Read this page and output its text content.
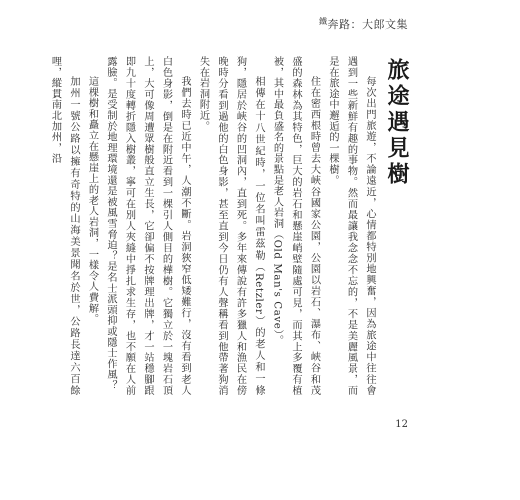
$^鐵$奔路：大郎文集
旅途遇見樹

每次出門旅遊，不論遠近，心情都特別地興奮，因為旅途中往往會遇到一些新鮮有趣的事物。然而最讓我念念不忘的，不是美麗風景，而是在旅途中邂逅的一棵樹。

住在密西根時曾去大峽谷國家公園，公園以岩石、瀑布、峽谷和茂盛的森林為其特色，巨大的岩石和懸崖峭壁隨處可見，而其上多覆有植被，其中最負盛名的景點是老人岩洞（Old Man's Cave）。

相傳在十八世紀時，一位名叫雷茲勒（Retzler）的老人和一條狗，隱居於峽谷的凹洞內，直到死。多年來傳說有許多獵人和漁民在傍晚時分看到過他的白色身影，甚至直到今日仍有人聲稱看到他帶著狗消失在岩洞附近。

我們去時已近中午，人潮不斷。岩洞狹窄低矮難行，沒有看到老人白色身影，倒是在附近看到一棵引人側目的樺樹。它獨立於一塊岩石頂上，大可像周遭眾樹般直立生長，它卻偏不按牌理出牌，才一站穩腳跟即九十度轉折隱入樹叢，寧可在別人夾縫中掙扎求生存，也不願在人前露臉。是受制於地理環境還是被風雪脅迫？是名士派頭抑或隱士作風？

這棵樹和矗立在懸崖上的老人岩洞，一樣令人費解。

加州一號公路以擁有奇特的山海美景聞名於世，公路長達六百餘哩，縱貫南北加州，沿

12
